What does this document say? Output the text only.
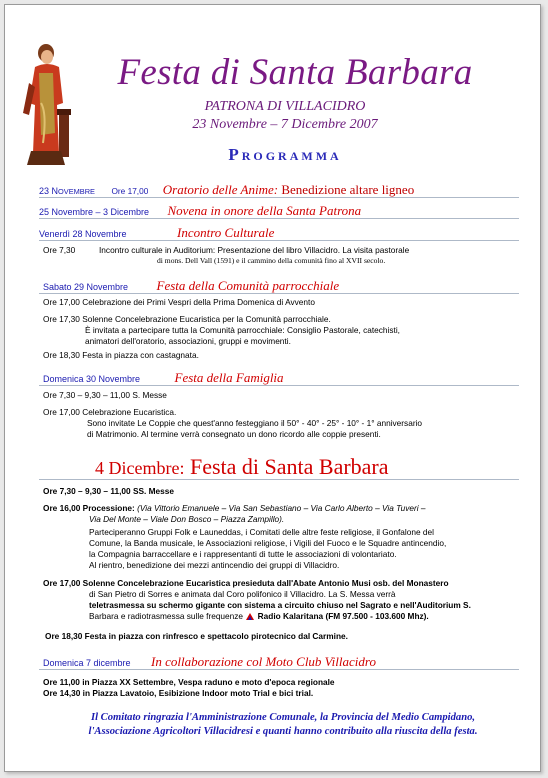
Festa di Santa Barbara
PATRONA DI VILLACIDRO
23 Novembre – 7 Dicembre 2007
Programma
23 NOVEMBRE Ore 17,00 Oratorio delle Anime: Benedizione altare ligneo
25 Novembre – 3 Dicembre Novena in onore della Santa Patrona
Venerdì 28 Novembre	Incontro Culturale
Ore 7,30	Incontro culturale in Auditorium: Presentazione del libro Villacidro. La visita pastorale
di mons. Dell Vall (1591) e il cammino della comunità fino al XVII secolo.
Sabato 29 Novembre Festa della Comunità parrocchiale
Ore 17,00 Celebrazione dei Primi Vespri della Prima Domenica di Avvento
Ore 17,30 Solenne Concelebrazione Eucaristica per la Comunità parrocchiale.
È invitata a partecipare tutta la Comunità parrocchiale: Consiglio Pastorale, catechisti,
animatori dell'oratorio, associazioni, gruppi e movimenti.
Ore 18,30 Festa in piazza con castagnata.
Domenica 30 Novembre	Festa della Famiglia
Ore 7,30 – 9,30 – 11,00 S. Messe
Ore 17,00 Celebrazione Eucaristica.
Sono invitate Le Coppie che quest'anno festeggiano il 50° - 40° - 25° - 10° - 1° anniversario
di Matrimonio. Al termine verrà consegnato un dono ricordo alle coppie presenti.
4 Dicembre: Festa di Santa Barbara
Ore 7,30 – 9,30 – 11,00 SS. Messe
Ore 16,00 Processione: (Via Vittorio Emanuele – Via San Sebastiano – Via Carlo Alberto – Via Tuveri –
Via Del Monte – Viale Don Bosco – Piazza Zampillo).
Parteciperanno Gruppi Folk e Launeddas, i Comitati delle altre feste religiose, il Gonfalone del
Comune, la Banda musicale, le Associazioni religiose, i Vigili del Fuoco e le Squadre antincendio,
la Compagnia barraccellare e i rappresentanti di tutte le associazioni di volontariato.
Al rientro, benedizione dei mezzi antincendio dei gruppi di Villacidro.
Ore 17,00 Solenne Concelebrazione Eucaristica presieduta dall'Abate Antonio Musi osb. del Monastero
di San Pietro di Sorres e animata dal Coro polifonico il Villacidro. La S. Messa verrà
teletrasmessa su schermo gigante con sistema a circuito chiuso nel Sagrato e nell'Auditorium S.
Barbara e radiotrasmessa sulle frequenze Radio Kalaritana (FM 97.500 - 103.600 Mhz).
Ore 18,30 Festa in piazza con rinfresco e spettacolo pirotecnico dal Carmine.
Domenica 7 dicembre In collaborazione col Moto Club Villacidro
Ore 11,00 in Piazza XX Settembre, Vespa raduno e moto d'epoca regionale
Ore 14,30 in Piazza Lavatoio, Esibizione Indoor moto Trial e bici trial.
Il Comitato ringrazia l'Amministrazione Comunale, la Provincia del Medio Campidano,
l'Associazione Agricoltori Villacidresi e quanti hanno contribuito alla riuscita della festa.
